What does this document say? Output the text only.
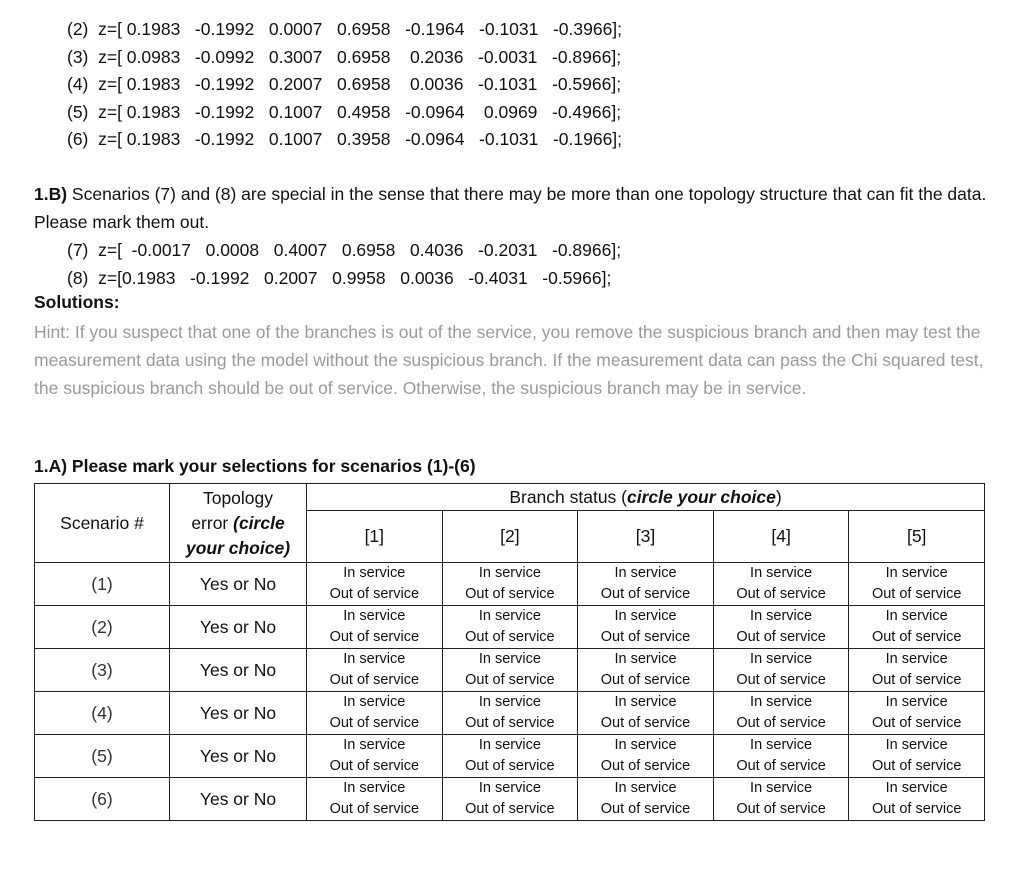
(2)  z=[ 0.1983   -0.1992   0.0007   0.6958   -0.1964   -0.1031   -0.3966];
(3)  z=[ 0.0983   -0.0992   0.3007   0.6958    0.2036   -0.0031   -0.8966];
(4)  z=[ 0.1983   -0.1992   0.2007   0.6958    0.0036   -0.1031   -0.5966];
(5)  z=[ 0.1983   -0.1992   0.1007   0.4958   -0.0964    0.0969   -0.4966];
(6)  z=[ 0.1983   -0.1992   0.1007   0.3958   -0.0964   -0.1031   -0.1966];
1.B) Scenarios (7) and (8) are special in the sense that there may be more than one topology structure that can fit the data. Please mark them out.
(7)  z=[  -0.0017   0.0008   0.4007   0.6958   0.4036   -0.2031   -0.8966];
(8)  z=[0.1983   -0.1992   0.2007   0.9958   0.0036   -0.4031   -0.5966];
Solutions:
Hint: If you suspect that one of the branches is out of the service, you remove the suspicious branch and then may test the measurement data using the model without the suspicious branch. If the measurement data can pass the Chi squared test, the suspicious branch should be out of service. Otherwise, the suspicious branch may be in service.
1.A) Please mark your selections for scenarios (1)-(6)
Scenario #	Topology
error (circle
your choice)	Branch status (circle your choice)				
		[1]	[2]	[3]	[4]	[5]
(1)	Yes or No	In service
Out of service	In service
Out of service	In service
Out of service	In service
Out of service	In service
Out of service

(2)	Yes or No	In service
Out of service	In service
Out of service	In service
Out of service	In service
Out of service	In service
Out of service

(3)	Yes or No	In service
Out of service	In service
Out of service	In service
Out of service	In service
Out of service	In service
Out of service

(4)	Yes or No	In service
Out of service	In service
Out of service	In service
Out of service	In service
Out of service	In service
Out of service

(5)	Yes or No	In service
Out of service	In service
Out of service	In service
Out of service	In service
Out of service	In service
Out of service

(6)	Yes or No	In service
Out of service	In service
Out of service	In service
Out of service	In service
Out of service	In service
Out of service
